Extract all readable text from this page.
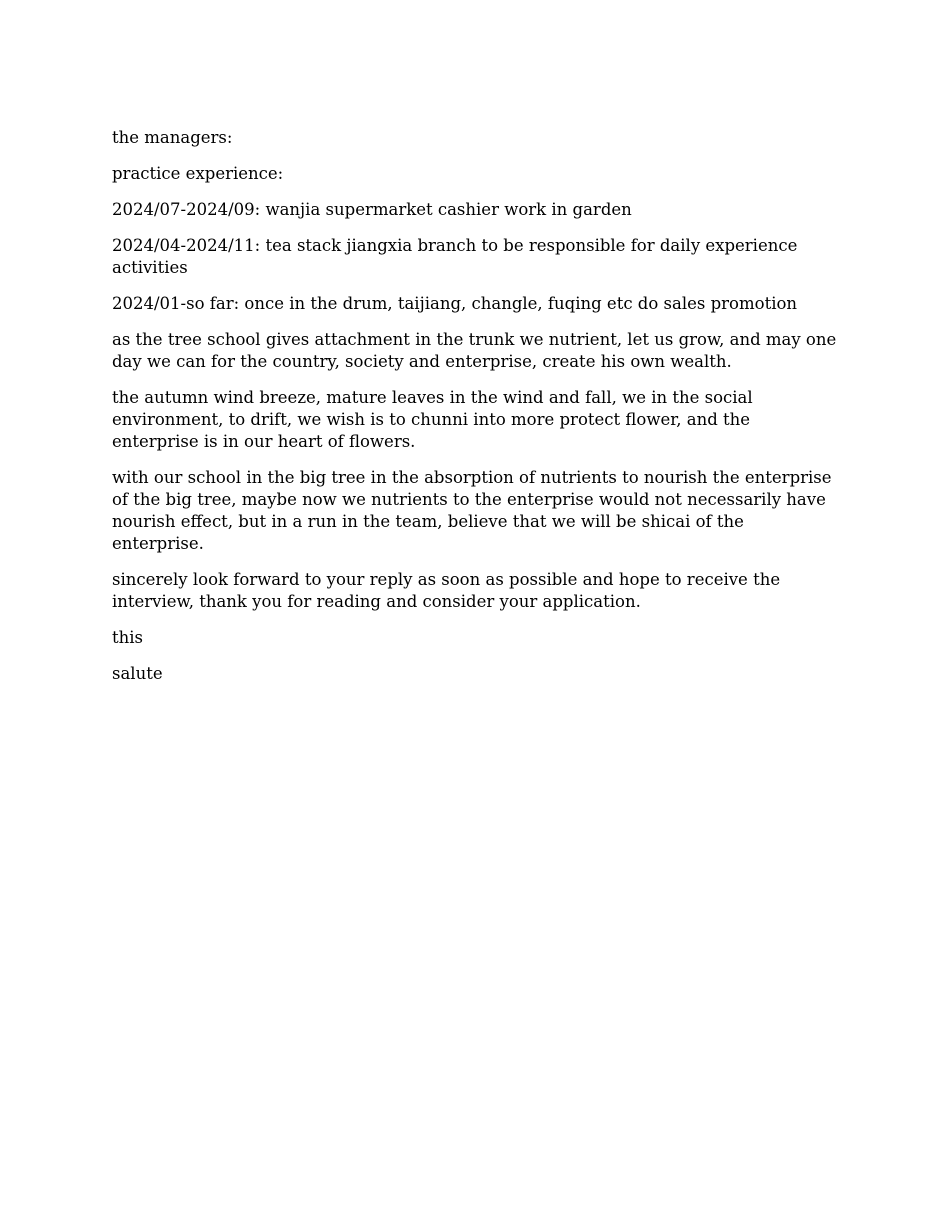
the managers:

practice experience:

2024/07-2024/09: wanjia supermarket cashier work in garden

2024/04-2024/11: tea stack jiangxia branch to be responsible for daily experience activities

2024/01-so far: once in the drum, taijiang, changle, fuqing etc do sales promotion

as the tree school gives attachment in the trunk we nutrient, let us grow, and may one day we can for the country, society and enterprise, create his own wealth.

the autumn wind breeze, mature leaves in the wind and fall, we in the social environment, to drift, we wish is to chunni into more protect flower, and the enterprise is in our heart of flowers.

with our school in the big tree in the absorption of nutrients to nourish the enterprise of the big tree, maybe now we nutrients to the enterprise would not necessarily have nourish effect, but in a run in the team, believe that we will be shicai of the enterprise.

sincerely look forward to your reply as soon as possible and hope to receive the interview, thank you for reading and consider your application.

this

salute
